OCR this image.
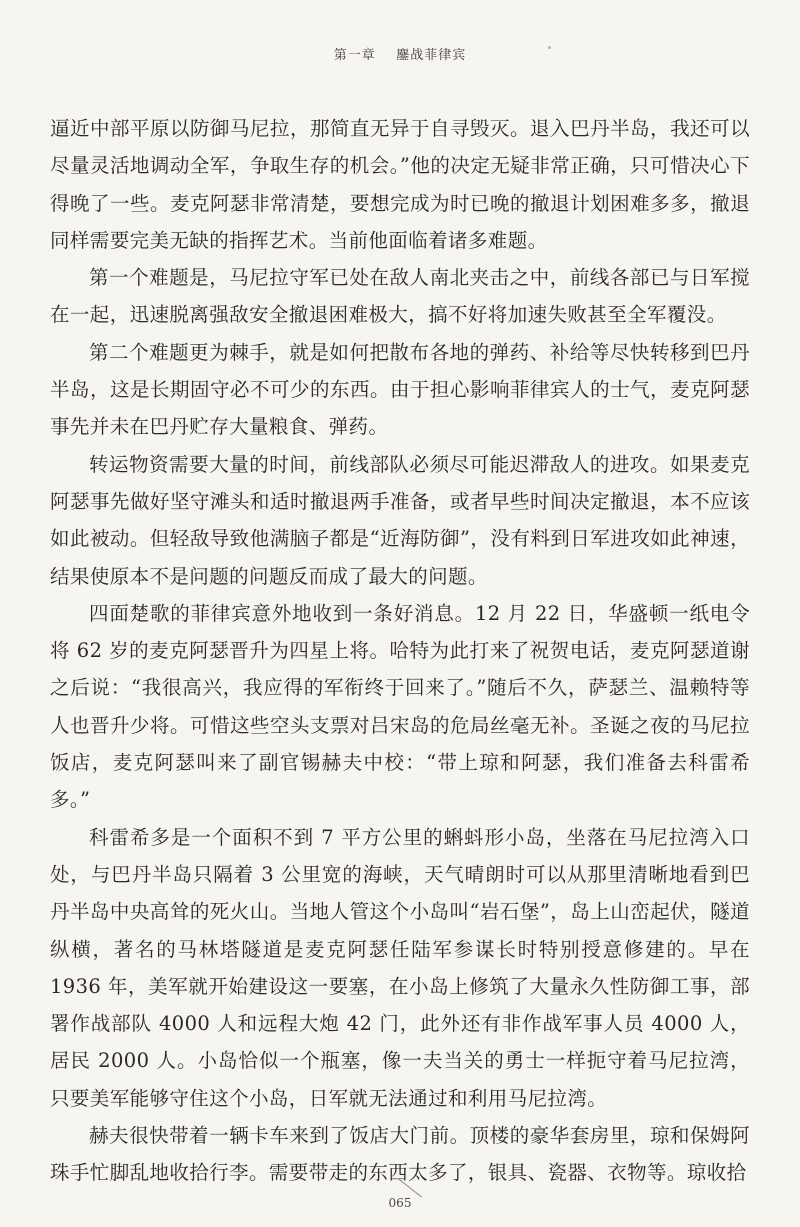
第一章 鏖战菲律宾

逼近中部平原以防御马尼拉，那简直无异于自寻毁灭。退入巴丹半岛，我还可以尽量灵活地调动全军，争取生存的机会。”他的决定无疑非常正确，只可惜决心下得晚了一些。麦克阿瑟非常清楚，要想完成为时已晚的撤退计划困难多多，撤退同样需要完美无缺的指挥艺术。当前他面临着诸多难题。

第一个难题是，马尼拉守军已处在敌人南北夹击之中，前线各部已与日军搅在一起，迅速脱离强敌安全撤退困难极大，搞不好将加速失败甚至全军覆没。

第二个难题更为棘手，就是如何把散布各地的弹药、补给等尽快转移到巴丹半岛，这是长期固守必不可少的东西。由于担心影响菲律宾人的士气，麦克阿瑟事先并未在巴丹贮存大量粮食、弹药。

转运物资需要大量的时间，前线部队必须尽可能迟滞敌人的进攻。如果麦克阿瑟事先做好坚守滩头和适时撤退两手准备，或者早些时间决定撤退，本不应该如此被动。但轻敌导致他满脑子都是“近海防御”，没有料到日军进攻如此神速，结果使原本不是问题的问题反而成了最大的问题。

四面楚歌的菲律宾意外地收到一条好消息。12 月 22 日，华盛顿一纸电令将 62 岁的麦克阿瑟晋升为四星上将。哈特为此打来了祝贺电话，麦克阿瑟道谢之后说：“我很高兴，我应得的军衔终于回来了。”随后不久，萨瑟兰、温赖特等人也晋升少将。可惜这些空头支票对吕宋岛的危局丝毫无补。圣诞之夜的马尼拉饭店，麦克阿瑟叫来了副官锡赫夫中校：“带上琼和阿瑟，我们准备去科雷希多。”

科雷希多是一个面积不到 7 平方公里的蝌蚪形小岛，坐落在马尼拉湾入口处，与巴丹半岛只隔着 3 公里宽的海峡，天气晴朗时可以从那里清晰地看到巴丹半岛中央高耸的死火山。当地人管这个小岛叫“岩石堡”，岛上山峦起伏，隧道纵横，著名的马林塔隧道是麦克阿瑟任陆军参谋长时特别授意修建的。早在 1936 年，美军就开始建设这一要塞，在小岛上修筑了大量永久性防御工事，部署作战部队 4000 人和远程大炮 42 门，此外还有非作战军事人员 4000 人，居民 2000 人。小岛恰似一个瓶塞，像一夫当关的勇士一样扼守着马尼拉湾，只要美军能够守住这个小岛，日军就无法通过和利用马尼拉湾。

赫夫很快带着一辆卡车来到了饭店大门前。顶楼的豪华套房里，琼和保姆阿珠手忙脚乱地收拾行李。需要带走的东西太多了，银具、瓷器、衣物等。琼收拾

065
